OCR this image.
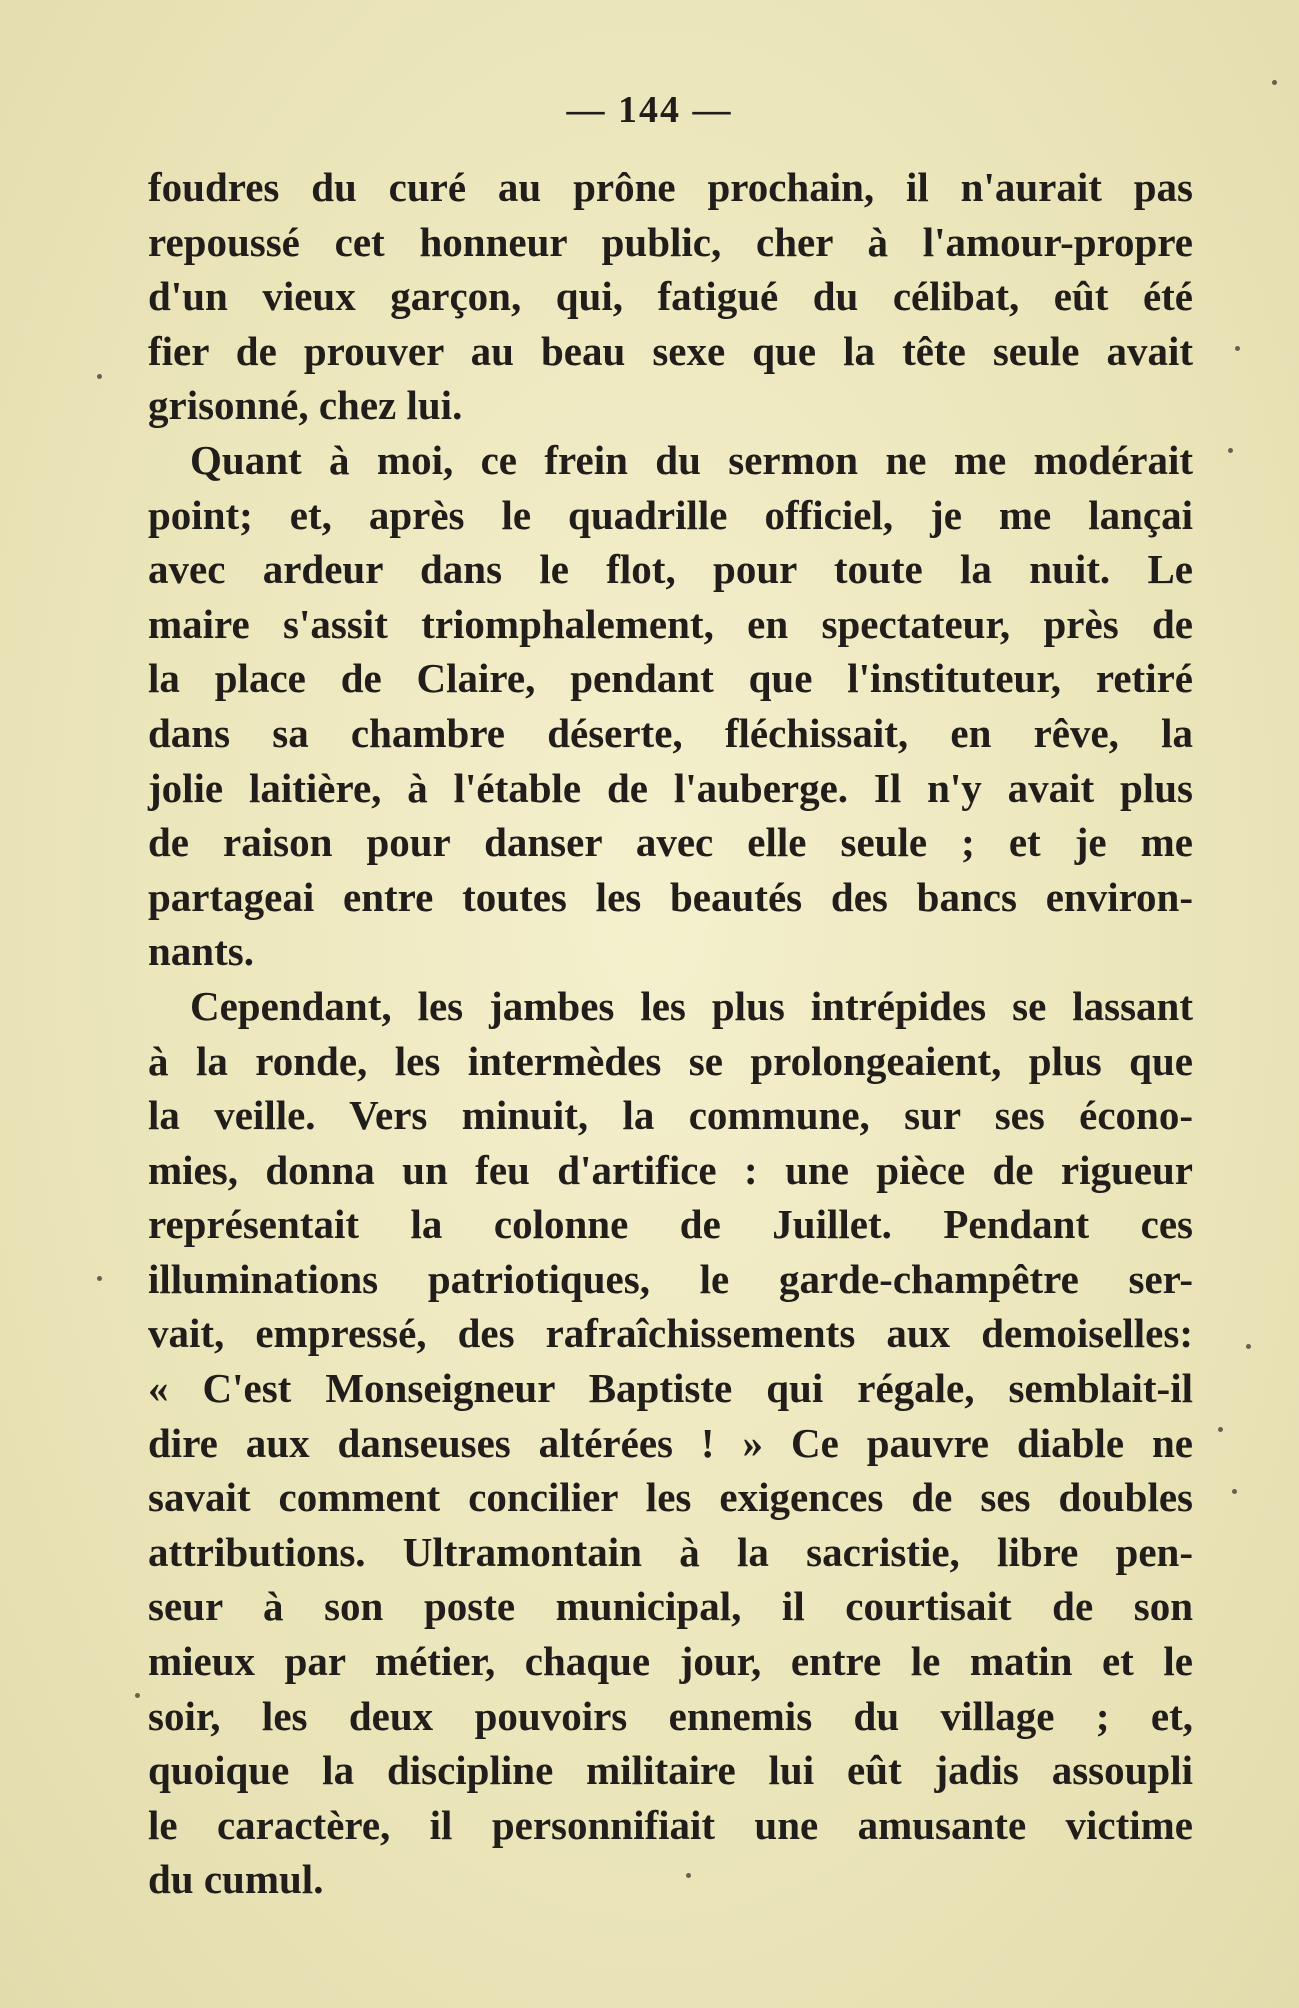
— 144 —
foudres du curé au prône prochain, il n'aurait pas
repoussé cet honneur public, cher à l'amour-propre
d'un vieux garçon, qui, fatigué du célibat, eût été
fier de prouver au beau sexe que la tête seule avait
grisonné, chez lui.
Quant à moi, ce frein du sermon ne me modérait
point; et, après le quadrille officiel, je me lançai
avec ardeur dans le flot, pour toute la nuit. Le
maire s'assit triomphalement, en spectateur, près de
la place de Claire, pendant que l'instituteur, retiré
dans sa chambre déserte, fléchissait, en rêve, la
jolie laitière, à l'étable de l'auberge. Il n'y avait plus
de raison pour danser avec elle seule ; et je me
partageai entre toutes les beautés des bancs environ-
nants.
Cependant, les jambes les plus intrépides se lassant
à la ronde, les intermèdes se prolongeaient, plus que
la veille. Vers minuit, la commune, sur ses écono-
mies, donna un feu d'artifice : une pièce de rigueur
représentait la colonne de Juillet. Pendant ces
illuminations patriotiques, le garde-champêtre ser-
vait, empressé, des rafraîchissements aux demoiselles:
« C'est Monseigneur Baptiste qui régale, semblait-il
dire aux danseuses altérées ! » Ce pauvre diable ne
savait comment concilier les exigences de ses doubles
attributions. Ultramontain à la sacristie, libre pen-
seur à son poste municipal, il courtisait de son
mieux par métier, chaque jour, entre le matin et le
soir, les deux pouvoirs ennemis du village ; et,
quoique la discipline militaire lui eût jadis assoupli
le caractère, il personnifiait une amusante victime
du cumul.
